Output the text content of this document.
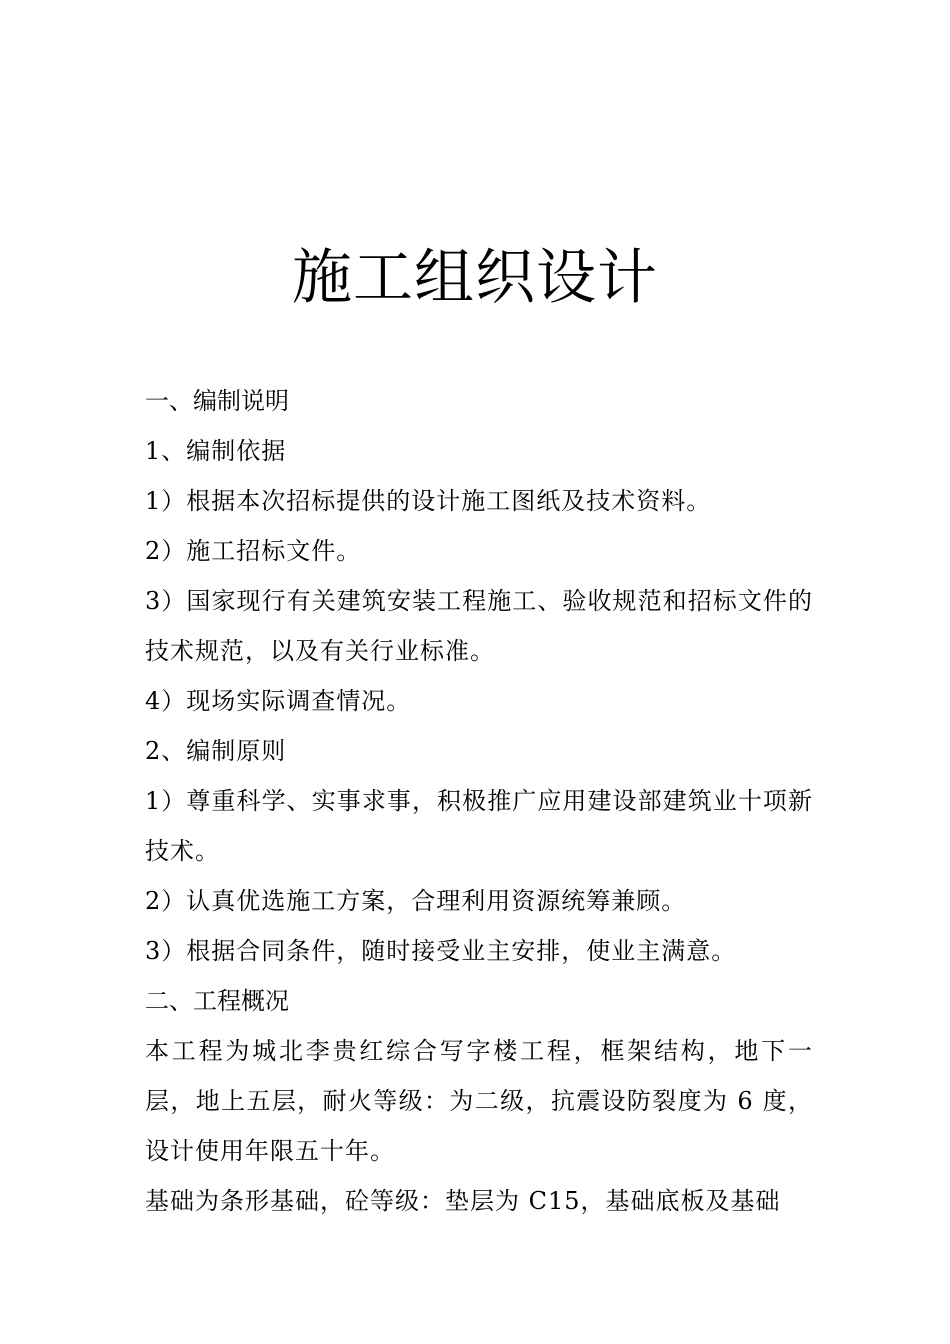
施工组织设计
一、编制说明
1、编制依据
1）根据本次招标提供的设计施工图纸及技术资料。
2）施工招标文件。
3）国家现行有关建筑安装工程施工、验收规范和招标文件的技术规范，以及有关行业标准。
4）现场实际调查情况。
2、编制原则
1）尊重科学、实事求事，积极推广应用建设部建筑业十项新技术。
2）认真优选施工方案，合理利用资源统筹兼顾。
3）根据合同条件，随时接受业主安排，使业主满意。
二、工程概况
本工程为城北李贵红综合写字楼工程，框架结构，地下一层，地上五层，耐火等级：为二级，抗震设防裂度为 6 度，设计使用年限五十年。
基础为条形基础，砼等级：垫层为 C15，基础底板及基础
